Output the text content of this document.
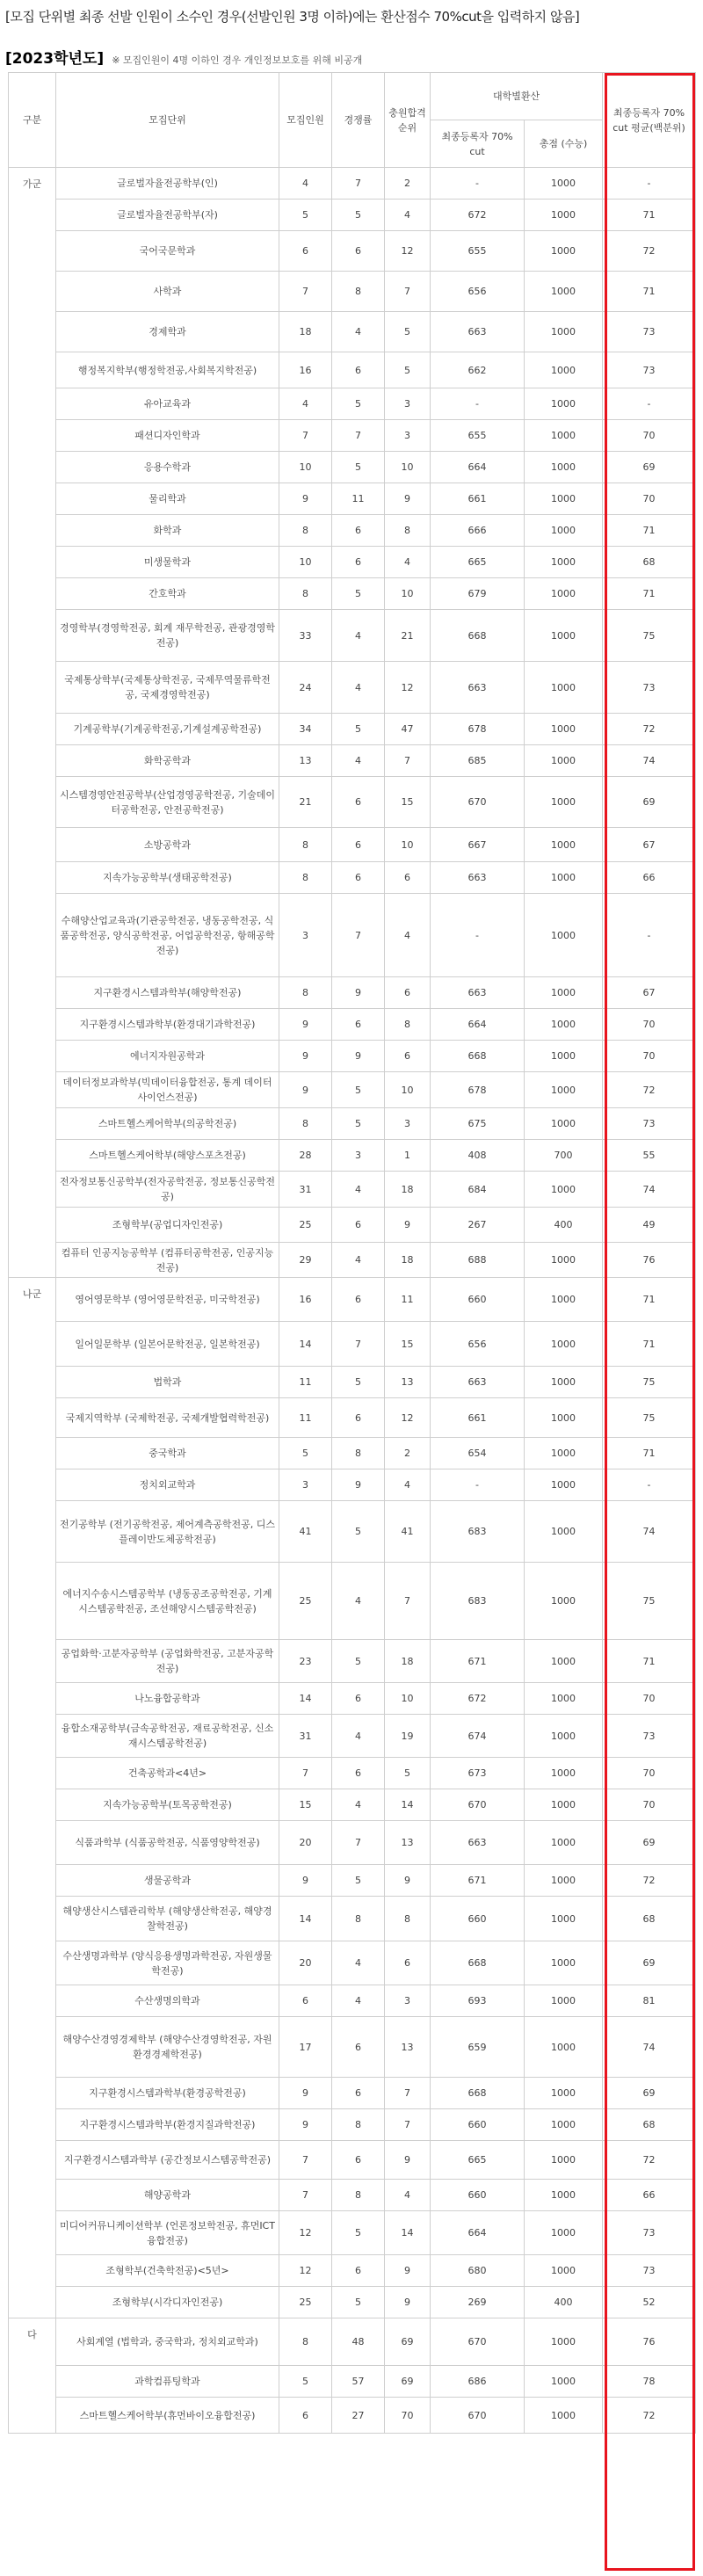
[모집 단위별 최종 선발 인원이 소수인 경우(선발인원 3명 이하)에는 환산점수 70%cut을 입력하지 않음]
[2023학년도] ※ 모집인원이 4명 이하인 경우 개인정보보호를 위해 비공개
구분	모집단위	모집인원	경쟁률	충원합격순위	대학별환산		최종등록자 70% cut 평균(백분위)
					최종등록자 70% cut	총점 (수능)	
가군	글로벌자율전공학부(인)	4	7	2	-	1000	-
	글로벌자율전공학부(자)	5	5	4	672	1000	71
	국어국문학과	6	6	12	655	1000	72
	사학과	7	8	7	656	1000	71
	경제학과	18	4	5	663	1000	73
	행정복지학부(행정학전공,사회복지학전공)	16	6	5	662	1000	73
	유아교육과	4	5	3	-	1000	-
	패션디자인학과	7	7	3	655	1000	70
	응용수학과	10	5	10	664	1000	69
	물리학과	9	11	9	661	1000	70
	화학과	8	6	8	666	1000	71
	미생물학과	10	6	4	665	1000	68
	간호학과	8	5	10	679	1000	71
	경영학부(경영학전공, 회계 재무학전공, 관광경영학전공)	33	4	21	668	1000	75
	국제통상학부(국제통상학전공, 국제무역물류학전공, 국제경영학전공)	24	4	12	663	1000	73
	기계공학부(기계공학전공,기계설계공학전공)	34	5	47	678	1000	72
	화학공학과	13	4	7	685	1000	74
	시스템경영안전공학부(산업경영공학전공, 기술데이터공학전공, 안전공학전공)	21	6	15	670	1000	69
	소방공학과	8	6	10	667	1000	67
	지속가능공학부(생태공학전공)	8	6	6	663	1000	66
	수해양산업교육과(기관공학전공, 냉동공학전공, 식품공학전공, 양식공학전공, 어업공학전공, 항해공학전공)	3	7	4	-	1000	-
	지구환경시스템과학부(해양학전공)	8	9	6	663	1000	67
	지구환경시스템과학부(환경대기과학전공)	9	6	8	664	1000	70
	에너지자원공학과	9	9	6	668	1000	70
	데이터정보과학부(빅데이터융합전공, 통계 데이터사이언스전공)	9	5	10	678	1000	72
	스마트헬스케어학부(의공학전공)	8	5	3	675	1000	73
	스마트헬스케어학부(해양스포츠전공)	28	3	1	408	700	55
	전자정보통신공학부(전자공학전공, 정보통신공학전공)	31	4	18	684	1000	74
	조형학부(공업디자인전공)	25	6	9	267	400	49
	컴퓨터 인공지능공학부 (컴퓨터공학전공, 인공지능전공)	29	4	18	688	1000	76
나군	영어영문학부 (영어영문학전공, 미국학전공)	16	6	11	660	1000	71
	일어일문학부 (일본어문학전공, 일본학전공)	14	7	15	656	1000	71
	법학과	11	5	13	663	1000	75
	국제지역학부 (국제학전공, 국제개발협력학전공)	11	6	12	661	1000	75
	중국학과	5	8	2	654	1000	71
	정치외교학과	3	9	4	-	1000	-
	전기공학부 (전기공학전공, 제어계측공학전공, 디스플레이반도체공학전공)	41	5	41	683	1000	74
	에너지수송시스템공학부 (냉동공조공학전공, 기계시스템공학전공, 조선해양시스템공학전공)	25	4	7	683	1000	75
	공업화학·고분자공학부 (공업화학전공, 고분자공학전공)	23	5	18	671	1000	71
	나노융합공학과	14	6	10	672	1000	70
	융합소재공학부(금속공학전공, 재료공학전공, 신소재시스템공학전공)	31	4	19	674	1000	73
	건축공학과<4년>	7	6	5	673	1000	70
	지속가능공학부(토목공학전공)	15	4	14	670	1000	70
	식품과학부 (식품공학전공, 식품영양학전공)	20	7	13	663	1000	69
	생물공학과	9	5	9	671	1000	72
	해양생산시스템관리학부 (해양생산학전공, 해양경찰학전공)	14	8	8	660	1000	68
	수산생명과학부 (양식응용생명과학전공, 자원생물학전공)	20	4	6	668	1000	69
	수산생명의학과	6	4	3	693	1000	81
	해양수산경영경제학부 (해양수산경영학전공, 자원환경경제학전공)	17	6	13	659	1000	74
	지구환경시스템과학부(환경공학전공)	9	6	7	668	1000	69
	지구환경시스템과학부(환경지질과학전공)	9	8	7	660	1000	68
	지구환경시스템과학부 (공간정보시스템공학전공)	7	6	9	665	1000	72
	해양공학과	7	8	4	660	1000	66
	미디어커뮤니케이션학부 (언론정보학전공, 휴먼ICT융합전공)	12	5	14	664	1000	73
	조형학부(건축학전공)<5년>	12	6	9	680	1000	73
	조형학부(시각디자인전공)	25	5	9	269	400	52
다	사회계열 (법학과, 중국학과, 정치외교학과)	8	48	69	670	1000	76
	과학컴퓨팅학과	5	57	69	686	1000	78
	스마트헬스케어학부(휴먼바이오융합전공)	6	27	70	670	1000	72
